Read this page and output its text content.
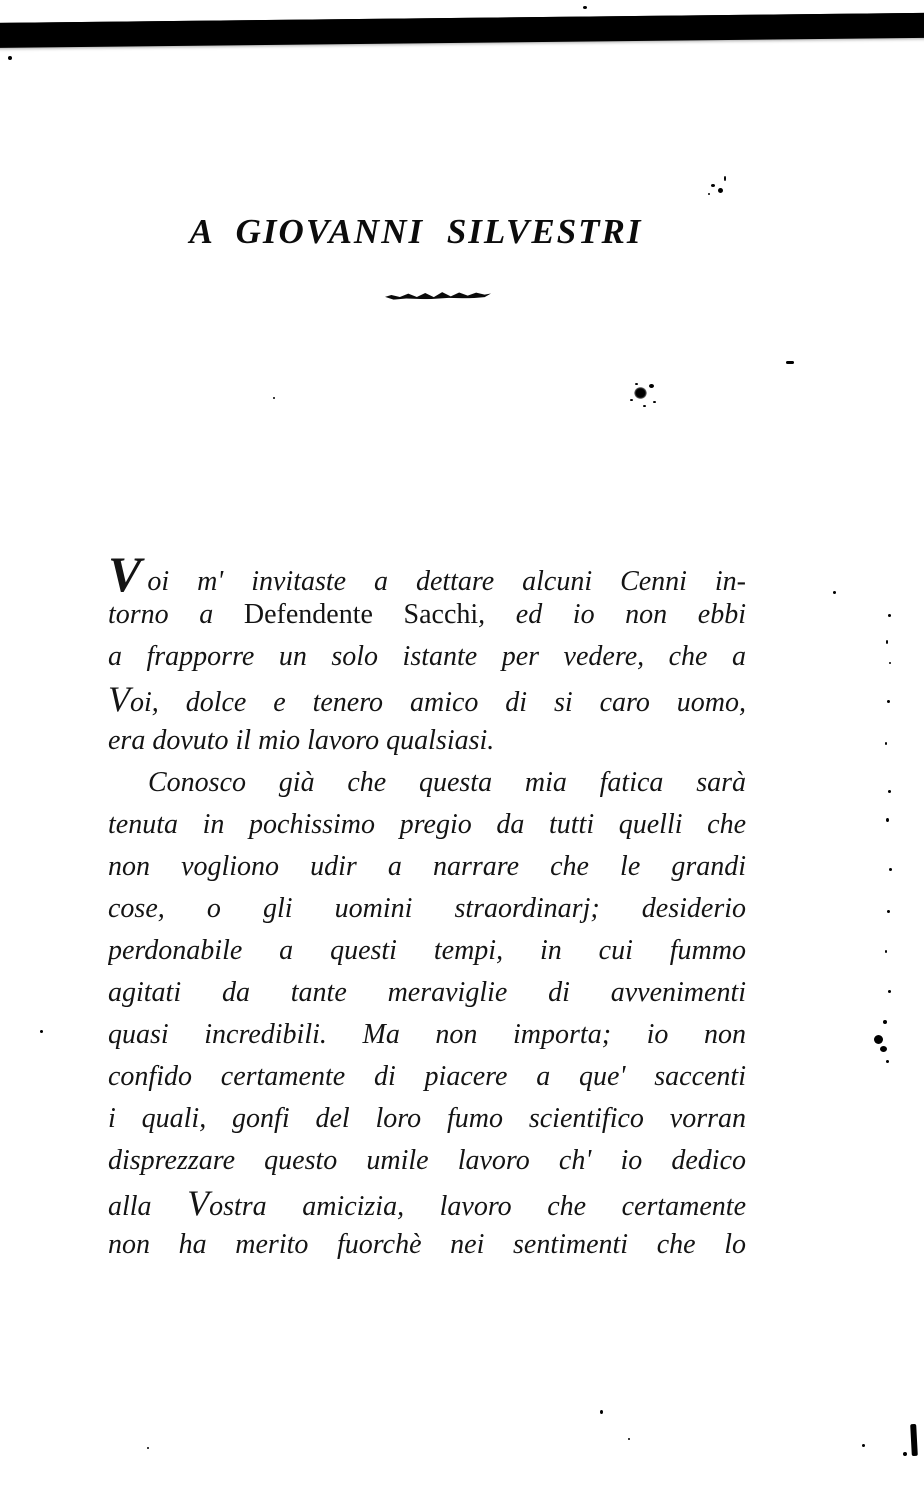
A GIOVANNI SILVESTRI
Voi m' invitaste a dettare alcuni Cenni in-
torno a Defendente Sacchi, ed io non ebbi
a frapporre un solo istante per vedere, che a
Voi, dolce e tenero amico di si caro uomo,
era dovuto il mio lavoro qualsiasi.
Conosco già che questa mia fatica sarà
tenuta in pochissimo pregio da tutti quelli che
non vogliono udir a narrare che le grandi
cose, o gli uomini straordinarj; desiderio
perdonabile a questi tempi, in cui fummo
agitati da tante meraviglie di avvenimenti
quasi incredibili. Ma non importa; io non
confido certamente di piacere a que' saccenti
i quali, gonfi del loro fumo scientifico vorran
disprezzare questo umile lavoro ch' io dedico
alla Vostra amicizia, lavoro che certamente
non ha merito fuorchè nei sentimenti che lo
